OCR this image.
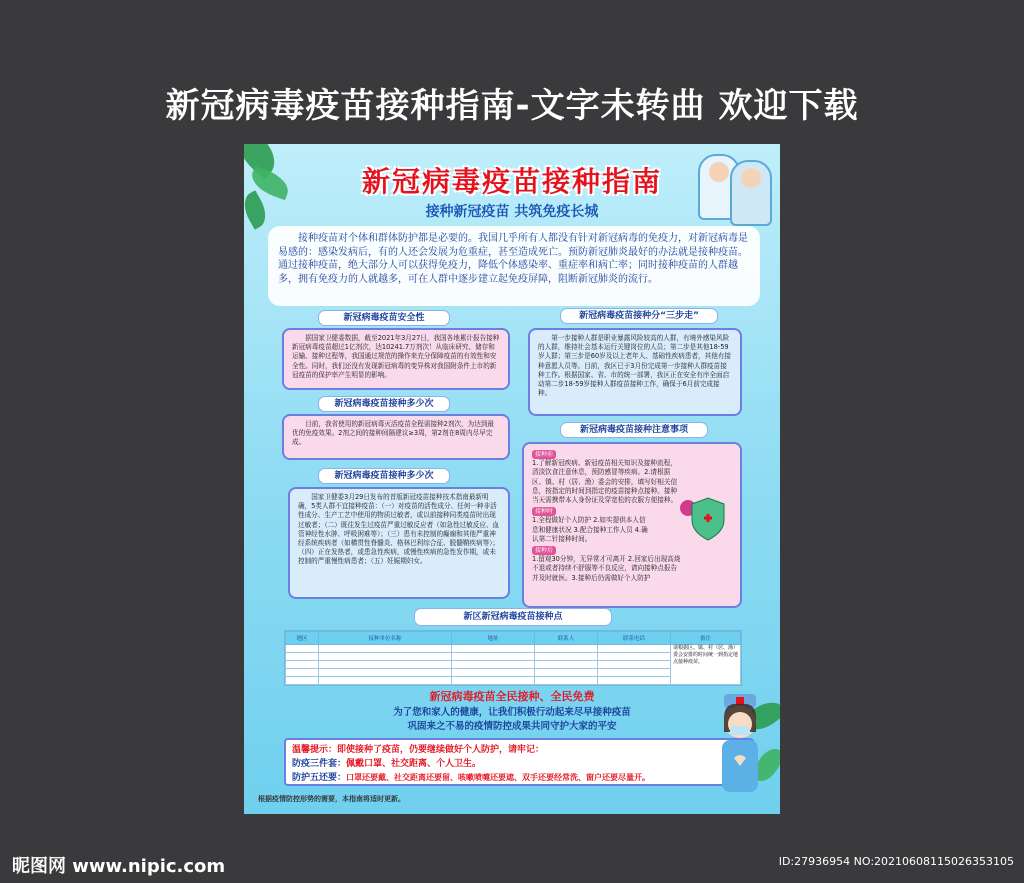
新冠病毒疫苗接种指南-文字未转曲 欢迎下载
新冠病毒疫苗接种指南
接种新冠疫苗 共筑免疫长城
接种疫苗对个体和群体防护都是必要的。我国几乎所有人都没有针对新冠病毒的免疫力，对新冠病毒是易感的：感染发病后，有的人还会发展为危重症，甚至造成死亡。预防新冠肺炎最好的办法就是接种疫苗。通过接种疫苗，绝大部分人可以获得免疫力，降低个体感染率、重症率和病亡率；同时接种疫苗的人群越多，拥有免疫力的人就越多，可在人群中逐步建立起免疫屏障，阻断新冠肺炎的流行。
新冠病毒疫苗安全性
据国家卫健委数据，截至2021年3月27日，我国各地累计报告接种新冠病毒疫苗超过1亿剂次，达10241.7万剂次！从临床研究、储存和运输、接种过程等，我国通过规范的操作来充分保障疫苗的有效性和安全性。同时，我们还没有发现新冠病毒的变异株对我国附条件上市的新冠疫苗的保护率产生明显的影响。
新冠病毒疫苗接种多少次
目前，我省使用的新冠病毒灭活疫苗全程需接种2剂次，为达到最优的免疫效果。2剂之间的接种间隔建议≥3周，第2剂在8周内尽早完成。
新冠病毒疫苗接种多少次
国家卫健委3月29日发布的首版新冠疫苗接种技术指南最新明确，5类人群不宜接种疫苗：（一）对疫苗的活性成分、任何一种非活性成分、生产工艺中使用的物质过敏者，或以前接种同类疫苗时出现过敏者；（二）既往发生过疫苗严重过敏反应者（如急性过敏反应、血管神经性水肿、呼吸困难等）；（三）患有未控制的癫痫和其他严重神经系统疾病者（如横贯性脊髓炎、格林巴利综合征、脱髓鞘疾病等）；（四）正在发热者，或患急性疾病，或慢性疾病的急性发作期，或未控制的严重慢性病患者；（五）妊娠期妇女。
新冠病毒疫苗接种分“三步走”
第一步接种人群是职业暴露风险较高的人群，有境外感染风险的人群，维持社会基本运行关键岗位的人员；第二步是其他18-59岁人群；第三步是60岁及以上老年人、基础性疾病患者，其他有接种意愿人员等。目前，我区已于3月份完成第一步接种人群疫苗接种工作。根据国家、省、市的统一部署，我区正在安全有序全面启动第二步18-59岁接种人群疫苗接种工作，确保于6月前完成接种。
新冠病毒疫苗接种注意事项
接种前
1.了解新冠疾病、新冠疫苗相关知识及接种流程，清淡饮食注意休息，预防感冒等疾病。2.请根据区、镇、村（居、渔）委会的安排，填写好相关信息，按指定的时间到指定的疫苗接种点接种。接种当天需携带本人身份证及穿宽松的衣服方便接种。
接种时
1.全程做好个人防护 2.如实提供本人信息和健康状况 3.配合接种工作人员 4.确认第二针接种时间。
接种后
1.留观30分钟，无异常才可离开 2.回家后出现高烧不退或者持续不舒服等不良反应，请向接种点报告并及时就医。3.接种后仍需做好个人防护
新区新冠病毒疫苗接种点
地区	接种单位名称	地址	联系人	联系电话	备注
					请根据区、镇、村（居、渔）委会安排的时间统一到指定地点接种疫苗。

新冠病毒疫苗全民接种、全民免费
为了您和家人的健康，让我们积极行动起来尽早接种疫苗
巩固来之不易的疫情防控成果共同守护大家的平安
温馨提示：即使接种了疫苗，仍要继续做好个人防护，请牢记：
防疫三件套：佩戴口罩、社交距离、个人卫生。
防护五还要：口罩还要戴、社交距离还要留、咳嗽喷嚏还要遮、双手还要经常洗、窗户还要尽量开。
根据疫情防控形势的需要，本指南将适时更新。
昵图网 www.nipic.com	ID:27936954 NO:20210608115026353105
